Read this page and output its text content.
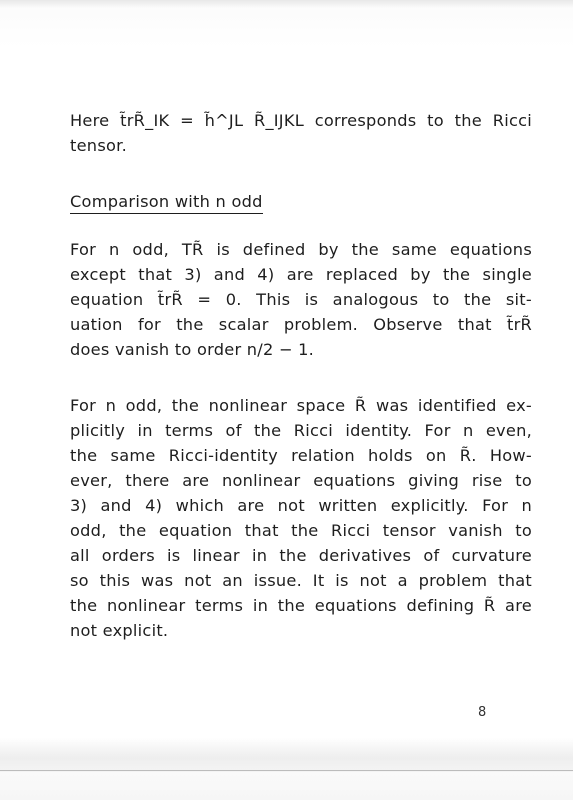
Here t̃rR̃_IK = h̃^JL R̃_IJKL corresponds to the Ricci
tensor.
Comparison with n odd
For n odd, TR̃ is defined by the same equations
except that 3) and 4) are replaced by the single
equation t̃rR̃ = 0. This is analogous to the sit-
uation for the scalar problem. Observe that t̃rR̃
does vanish to order n/2 − 1.
For n odd, the nonlinear space R̃ was identified ex-
plicitly in terms of the Ricci identity. For n even,
the same Ricci-identity relation holds on R̃. How-
ever, there are nonlinear equations giving rise to
3) and 4) which are not written explicitly. For n
odd, the equation that the Ricci tensor vanish to
all orders is linear in the derivatives of curvature
so this was not an issue. It is not a problem that
the nonlinear terms in the equations defining R̃ are
not explicit.
8
